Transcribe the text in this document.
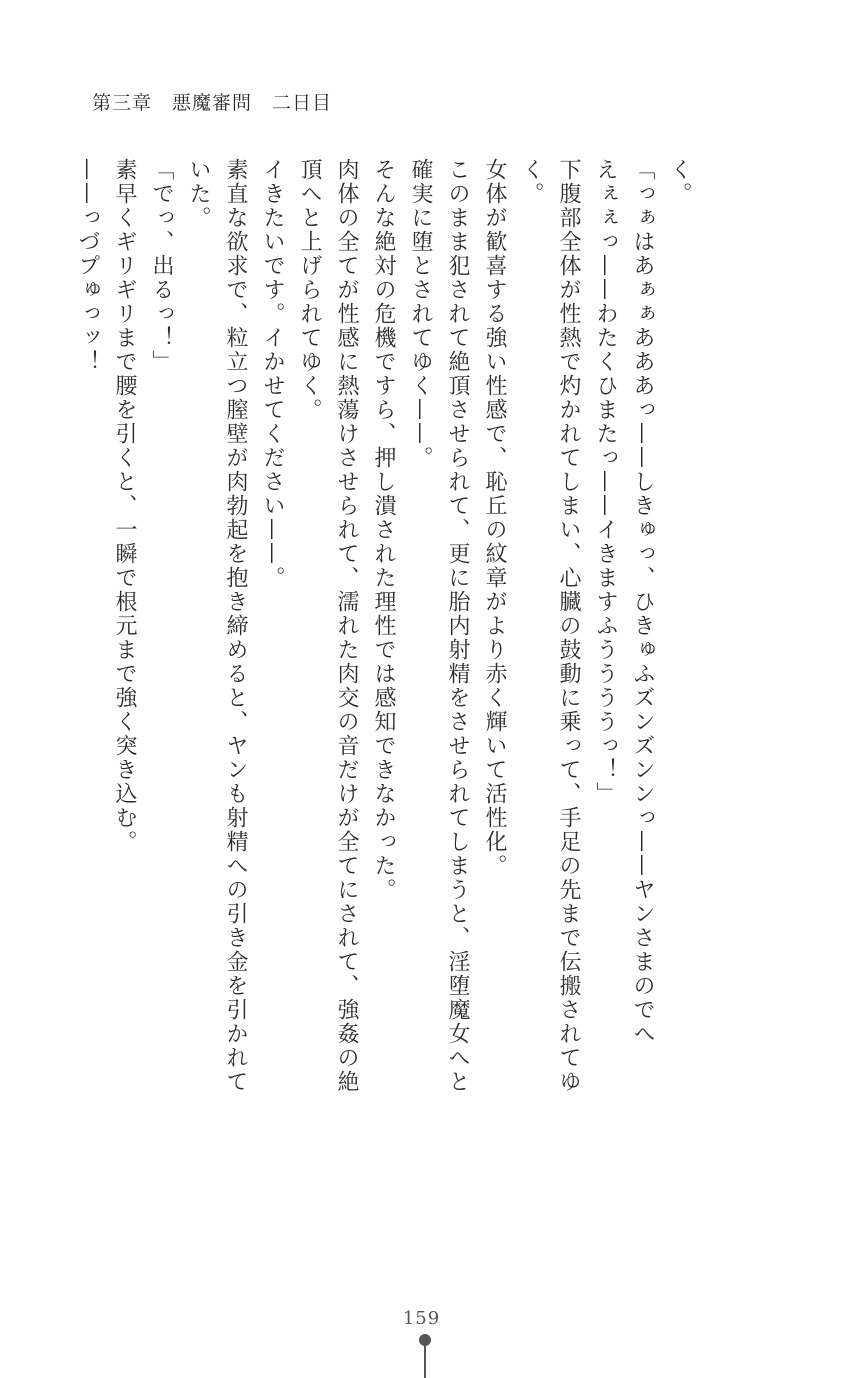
第三章　悪魔審問　二日目
く。
「っぁはあぁぁあああっ——しきゅっ、ひきゅふズンズンンっ——ヤンさまのでへ
えぇぇっ——わたくひまたっ——イきますふううううっ！」
下腹部全体が性熱で灼かれてしまい、心臓の鼓動に乗って、手足の先まで伝搬されてゆ
く。
女体が歓喜する強い性感で、恥丘の紋章がより赤く輝いて活性化。
このまま犯されて絶頂させられて、更に胎内射精をさせられてしまうと、淫堕魔女へと
確実に堕とされてゆく——。
そんな絶対の危機ですら、押し潰された理性では感知できなかった。
肉体の全てが性感に熱蕩けさせられて、濡れた肉交の音だけが全てにされて、強姦の絶
頂へと上げられてゆく。
イきたいです。イかせてください——。
素直な欲求で、粒立つ膣壁が肉勃起を抱き締めると、ヤンも射精への引き金を引かれて
いた。
「でっ、出るっ！」
素早くギリギリまで腰を引くと、一瞬で根元まで強く突き込む。
——っづプゅっッ！
159
